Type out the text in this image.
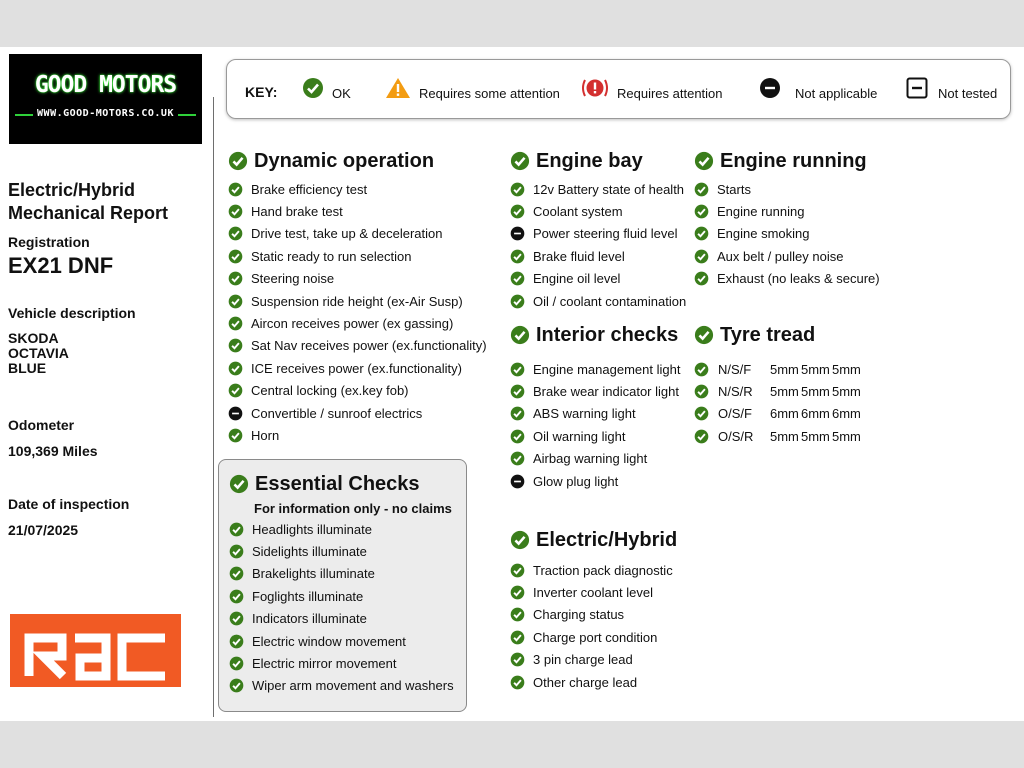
GOOD MOTORS
WWW.GOOD-MOTORS.CO.UK
Electric/Hybrid
Mechanical Report
Registration
EX21 DNF
Vehicle description
SKODA
OCTAVIA
BLUE
Odometer
109,369 Miles
Date of inspection
21/07/2025
KEY:	OK	Requires some attention	Requires attention	Not applicable	Not tested
Dynamic operation
Brake efficiency test
Hand brake test
Drive test, take up & deceleration
Static ready to run selection
Steering noise
Suspension ride height (ex-Air Susp)
Aircon receives power (ex gassing)
Sat Nav receives power (ex.functionality)
ICE receives power (ex.functionality)
Central locking (ex.key fob)
Convertible / sunroof electrics
Horn
Essential Checks
For information only - no claims
Headlights illuminate
Sidelights illuminate
Brakelights illuminate
Foglights illuminate
Indicators illuminate
Electric window movement
Electric mirror movement
Wiper arm movement and washers
Engine bay
12v Battery state of health
Coolant system
Power steering fluid level
Brake fluid level
Engine oil level
Oil / coolant contamination
Interior checks
Engine management light
Brake wear indicator light
ABS warning light
Oil warning light
Airbag warning light
Glow plug light
Electric/Hybrid
Traction pack diagnostic
Inverter coolant level
Charging status
Charge port condition
3 pin charge lead
Other charge lead
Engine running
Starts
Engine running
Engine smoking
Aux belt / pulley noise
Exhaust (no leaks & secure)
Tyre tread
N/S/F	5mm 5mm 5mm
N/S/R	5mm 5mm 5mm
O/S/F	6mm 6mm 6mm
O/S/R	5mm 5mm 5mm
